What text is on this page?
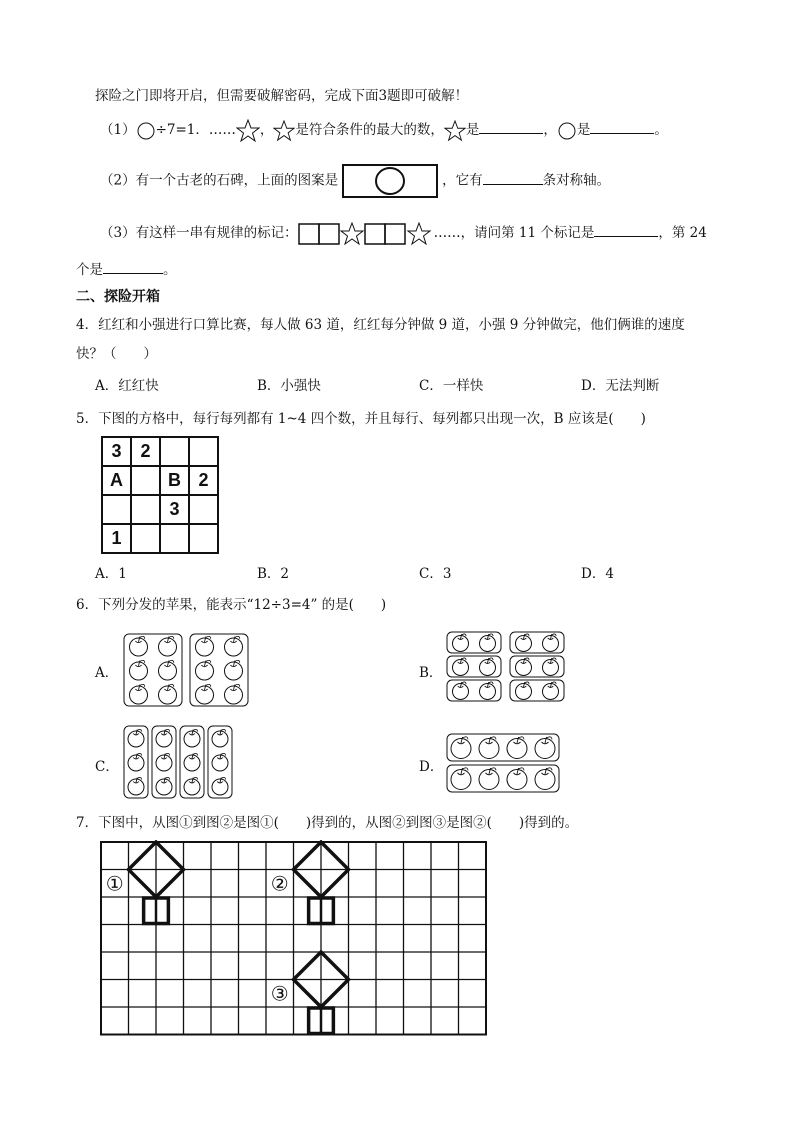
探险之门即将开启，但需要破解密码，完成下面3题即可破解！
（1） ÷7=1．…… ， 是符合条件的最大的数， 是	， 是	。
（2）有一个古老的石碑，上面的图案是	，它有	条对称轴。
（3）有这样一串有规律的标记：	……，请问第 11 个标记是	，第 24
个是	。
二、探险开箱
4．红红和小强进行口算比赛，每人做 63 道，红红每分钟做 9 道，小强 9 分钟做完，他们俩谁的速度
快？（　　）
A．红红快	B．小强快	C．一样快	D．无法判断
5．下图的方格中，每行每列都有 1~4 四个数，并且每行、每列都只出现一次，B 应该是(　　)
3	2		
A		B	2
		3	
1			
A．1	B．2	C．3	D．4
6．下列分发的苹果，能表示“12÷3=4” 的是(　　)
A．	B．
C．	D．
7．下图中，从图①到图②是图①(　　)得到的，从图②到图③是图②(　　)得到的。
①	②
③
